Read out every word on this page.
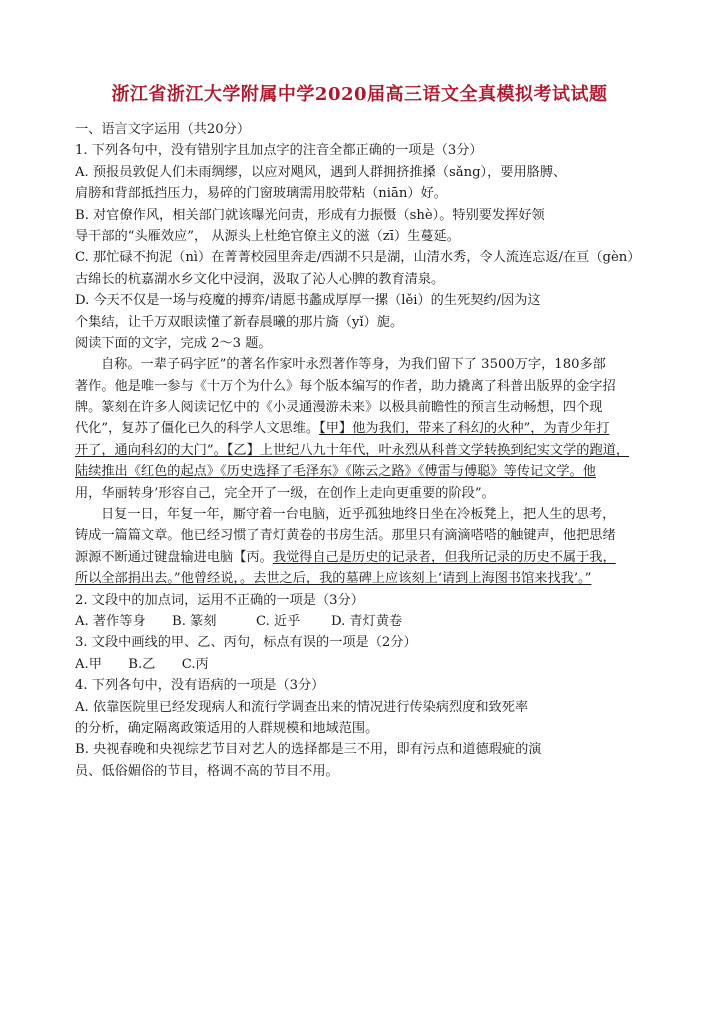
浙江省浙江大学附属中学2020届高三语文全真模拟考试试题
一、语言文字运用（共20分）
1. 下列各句中，没有错别字且加点字的注音全都正确的一项是（3分）
A. 预报员敦促人们未雨绸缪，以应对飓风，遇到人群拥挤推搡（sǎng），要用胳膊、
肩膀和背部抵挡压力，易碎的门窗玻璃需用胶带粘（niān）好。
B. 对官僚作风，相关部门就该曝光问责，形成有力振慑（shè）。特别要发挥好领
导干部的“头雁效应”， 从源头上杜绝官僚主义的滋（zī）生蔓延。
C. 那忙碌不拘泥（nì）在菁菁校园里奔走/西湖不只是湖，山清水秀，令人流连忘返/在亘（gèn）
古绵长的杭嘉湖水乡文化中浸润，汲取了沁人心脾的教育清泉。
D. 今天不仅是一场与疫魔的搏弈/请愿书蠡成厚厚一摞（lěi）的生死契约/因为这
个集结，让千万双眼读懂了新春晨曦的那片旖（yǐ）旎。
阅读下面的文字，完成 2～3 题。
自称。一辈子码字匠”的著名作家叶永烈著作等身，为我们留下了 3500万字，180多部
著作。他是唯一参与《十万个为什么》每个版本编写的作者，助力撬离了科普出版界的金字招
牌。篆刻在许多人阅读记忆中的《小灵通漫游未来》以极具前瞻性的预言生动畅想，四个现
代化”，复苏了僵化已久的科学人文思维。【甲】他为我们，带来了科幻的火种”，为青少年打
开了，通向科幻的大门”。【乙】上世纪八九十年代，叶永烈从科普文学转换到纪实文学的跑道，
陆续推出《红色的起点》《历史选择了毛泽东》《陈云之路》《傅雷与傅聪》等传记文学。他
用，华丽转身’形容自己，完全开了一级，在创作上走向更重要的阶段”。
日复一日，年复一年，厮守着一台电脑，近乎孤独地终日坐在冷板凳上，把人生的思考，
铸成一篇篇文章。他已经习惯了青灯黄卷的书房生活。那里只有滴滴嗒嗒的触键声，他把思绪
源源不断通过键盘输进电脑【丙。我觉得自己是历史的记录者，但我所记录的历史不属于我，
所以全部捐出去。”他曾经说，。去世之后，我的墓碑上应该刻上‘请到上海图书馆来找我’。”
2. 文段中的加点词，运用不正确的一项是（3分）
A. 著作等身　　B. 篆刻　　　C. 近乎　　 D. 青灯黄卷
3. 文段中画线的甲、乙、丙句，标点有误的一项是（2分）
A.甲　　B.乙　　C.丙
4. 下列各句中，没有语病的一项是（3分）
A. 依靠医院里已经发现病人和流行学调查出来的情况进行传染病烈度和致死率
的分析，确定隔离政策适用的人群规模和地域范围。
B. 央视春晚和央视综艺节目对艺人的选择都是三不用，即有污点和道德瑕疵的演
员、低俗媚俗的节目，格调不高的节目不用。
